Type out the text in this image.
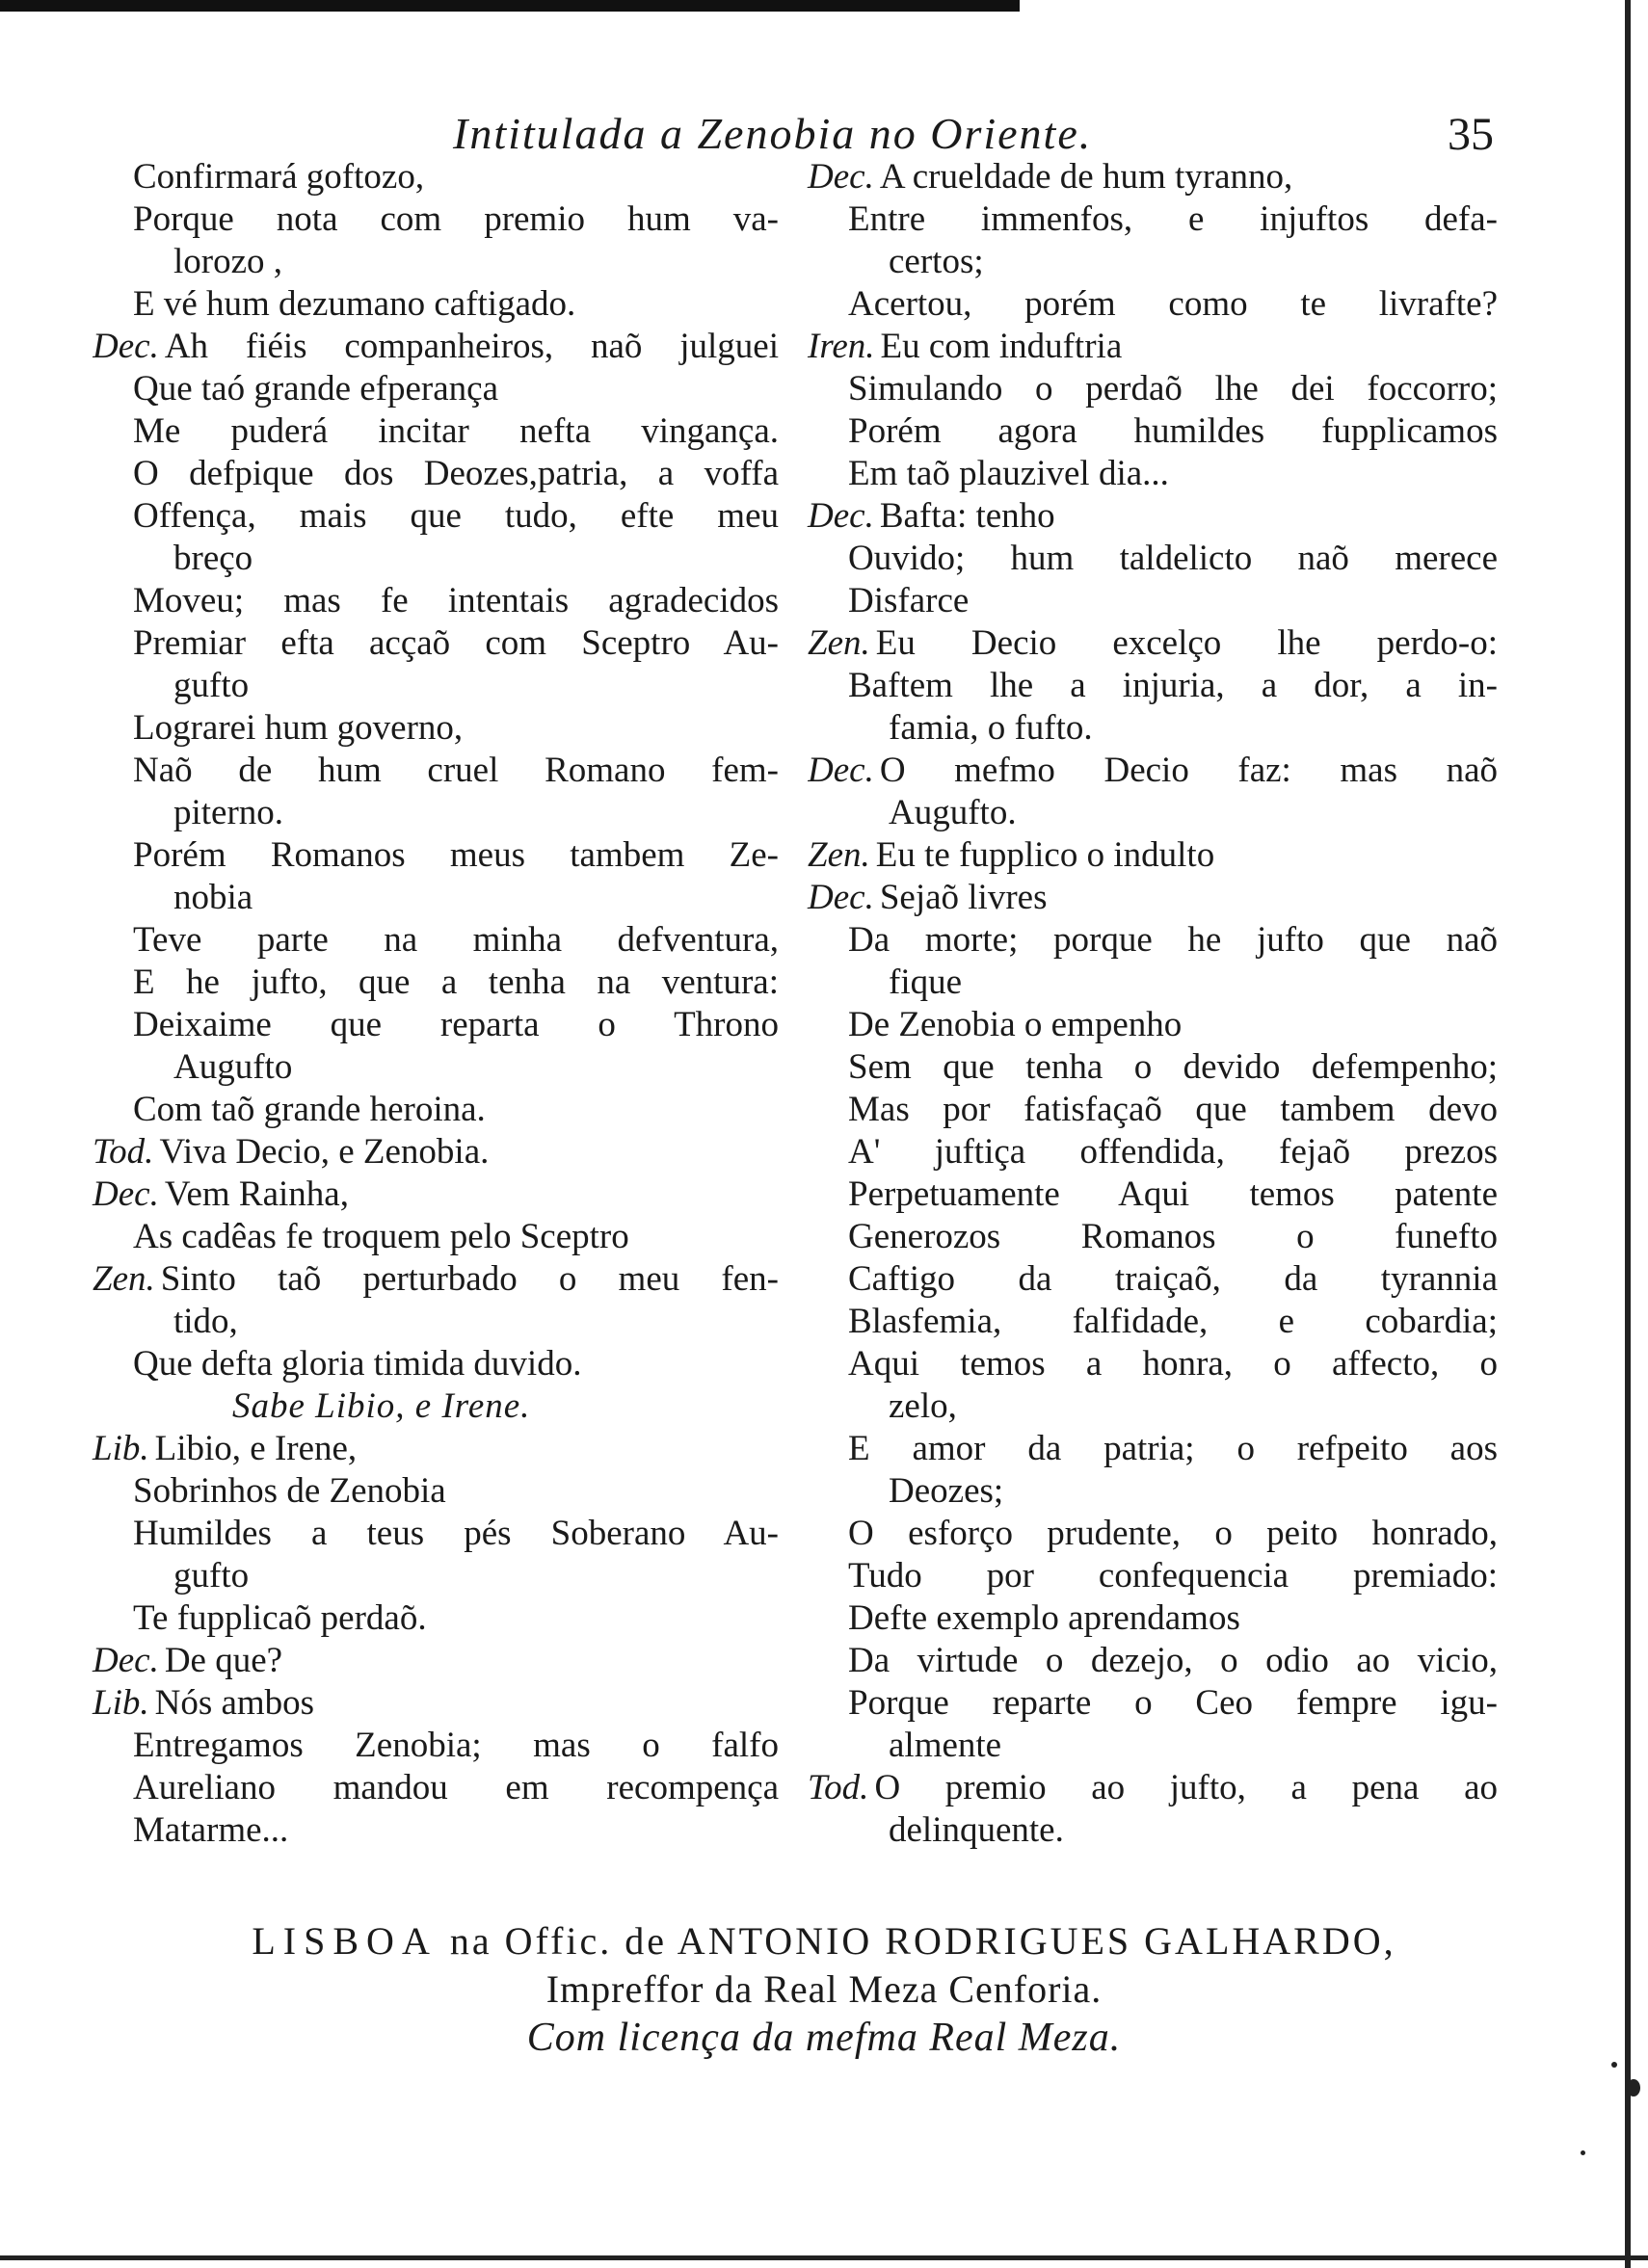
Intitulada a Zenobia no Oriente.	35
Confirmará goftozo,
Porque nota com premio hum va-
lorozo ,
E vé hum dezumano caftigado.
Dec. Ah fiéis companheiros, naõ julguei
Que taó grande efperança
Me puderá incitar nefta vingança.
O defpique dos Deozes,patria, a voffa
Offença, mais que tudo, efte meu
breço
Moveu; mas fe intentais agradecidos
Premiar efta acçaõ com Sceptro Au-
gufto
Lograrei hum governo,
Naõ de hum cruel Romano fem-
piterno.
Porém Romanos meus tambem Ze-
nobia
Teve parte na minha defventura,
E he jufto, que a tenha na ventura:
Deixaime que reparta o Throno
Augufto
Com taõ grande heroina.
Tod. Viva Decio, e Zenobia.
Dec. Vem Rainha,
As cadêas fe troquem pelo Sceptro
Zen. Sinto taõ perturbado o meu fen-
tido,
Que defta gloria timida duvido.
Sabe Libio, e Irene.
Lib. Libio, e Irene,
Sobrinhos de Zenobia
Humildes a teus pés Soberano Au-
gufto
Te fupplicaõ perdaõ.
Dec. De que?
Lib. Nós ambos
Entregamos Zenobia; mas o falfo
Aureliano mandou em recompença
Matarme...
Dec. A crueldade de hum tyranno,
Entre immenfos, e injuftos defa-
certos;
Acertou, porém como te livrafte?
Iren. Eu com induftria
Simulando o perdaõ lhe dei foccorro;
Porém agora humildes fupplicamos
Em taõ plauzivel dia...
Dec. Bafta: tenho
Ouvido; hum taldelicto naõ merece
Disfarce
Zen. Eu Decio excelço lhe perdo-o:
Baftem lhe a injuria, a dor, a in-
famia, o fufto.
Dec. O mefmo Decio faz: mas naõ
Augufto.
Zen. Eu te fupplico o indulto
Dec. Sejaõ livres
Da morte; porque he jufto que naõ
fique
De Zenobia o empenho
Sem que tenha o devido defempenho;
Mas por fatisfaçaõ que tambem devo
A' juftiça offendida, fejaõ prezos
Perpetuamente Aqui temos patente
Generozos Romanos o funefto
Caftigo da traiçaõ, da tyrannia
Blasfemia, falfidade, e cobardia;
Aqui temos a honra, o affecto, o
zelo,
E amor da patria; o refpeito aos
Deozes;
O esforço prudente, o peito honrado,
Tudo por confequencia premiado:
Defte exemplo aprendamos
Da virtude o dezejo, o odio ao vicio,
Porque reparte o Ceo fempre igu-
almente
Tod. O premio ao jufto, a pena ao
delinquente.
LISBOA na Offic. de ANTONIO RODRIGUES GALHARDO,
Impreffor da Real Meza Cenforia.
Com licença da mefma Real Meza.
